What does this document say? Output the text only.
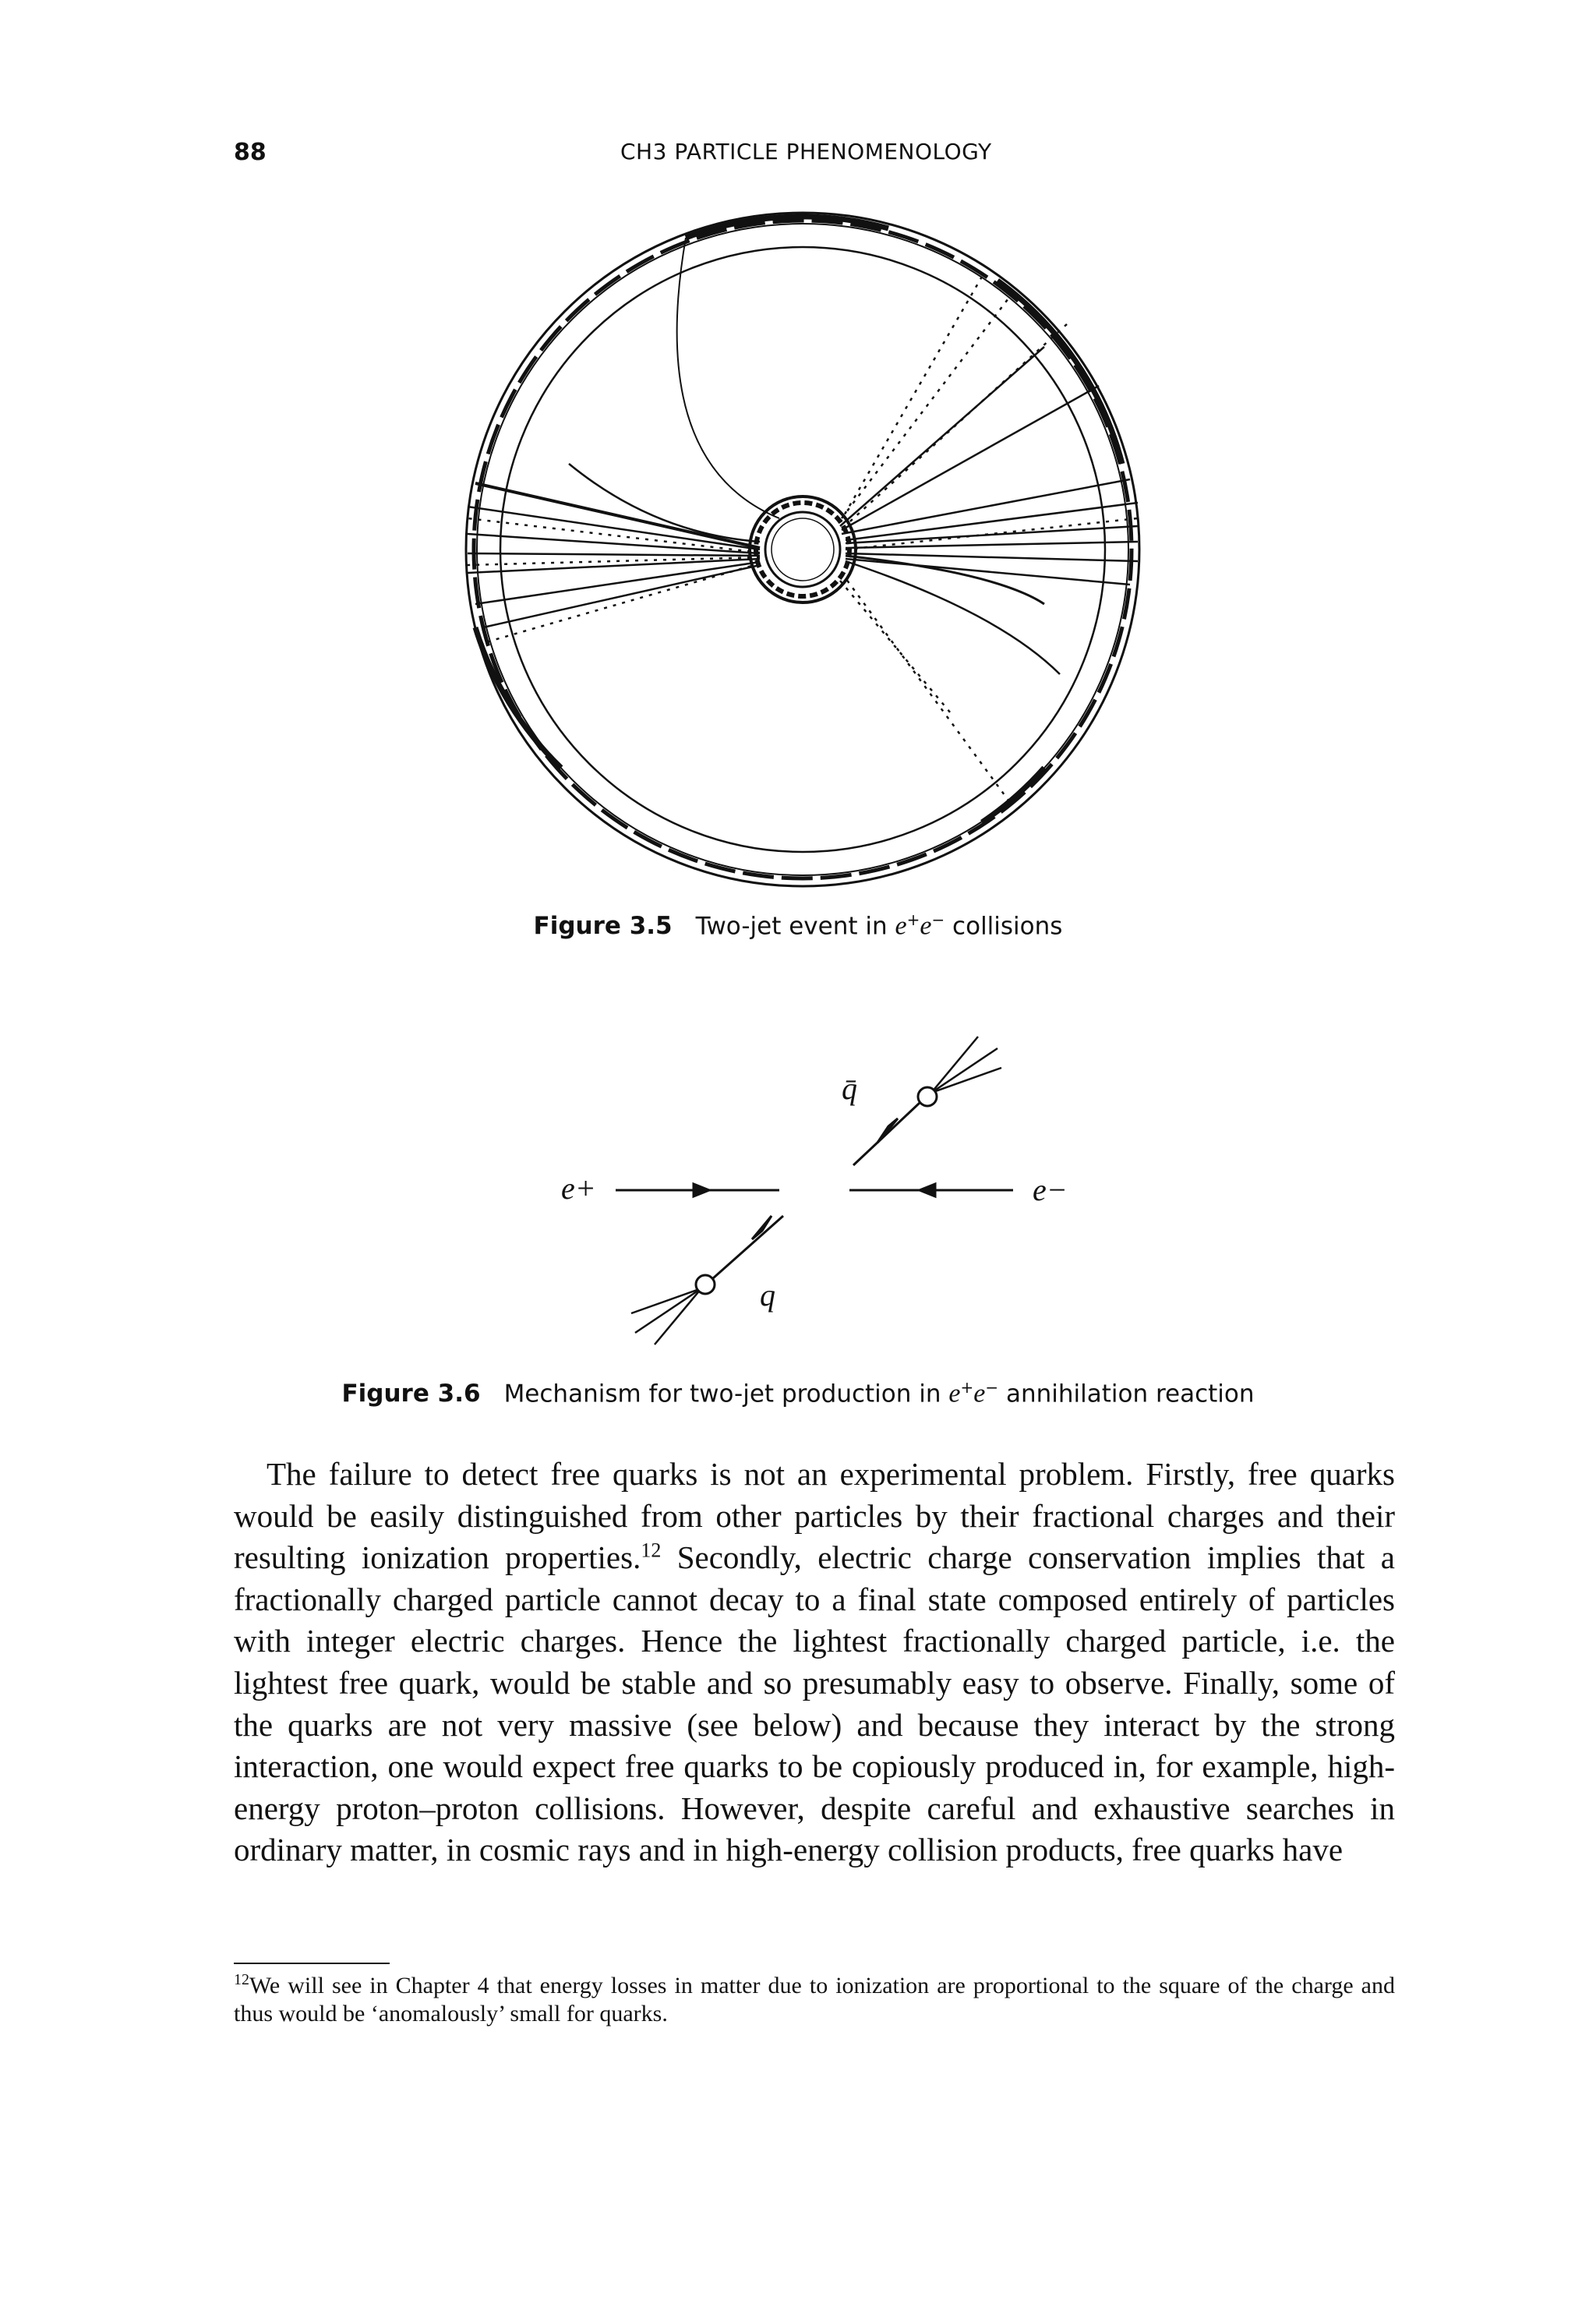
88	CH3 PARTICLE PHENOMENOLOGY
Figure 3.5 Two-jet event in e+e− collisions
e+	e−
q̄
q
Figure 3.6 Mechanism for two-jet production in e+e− annihilation reaction

The failure to detect free quarks is not an experimental problem. Firstly, free quarks would be easily distinguished from other particles by their fractional charges and their resulting ionization properties.$^{12}$ Secondly, electric charge conservation implies that a fractionally charged particle cannot decay to a final state composed entirely of particles with integer electric charges. Hence the lightest fractionally charged particle, i.e. the lightest free quark, would be stable and so presumably easy to observe. Finally, some of the quarks are not very massive (see below) and because they interact by the strong interaction, one would expect free quarks to be copiously produced in, for example, high-energy proton–proton collisions. However, despite careful and exhaustive searches in ordinary matter, in cosmic rays and in high-energy collision products, free quarks have

$^{12}$We will see in Chapter 4 that energy losses in matter due to ionization are proportional to the square of the charge and thus would be ‘anomalously’ small for quarks.
